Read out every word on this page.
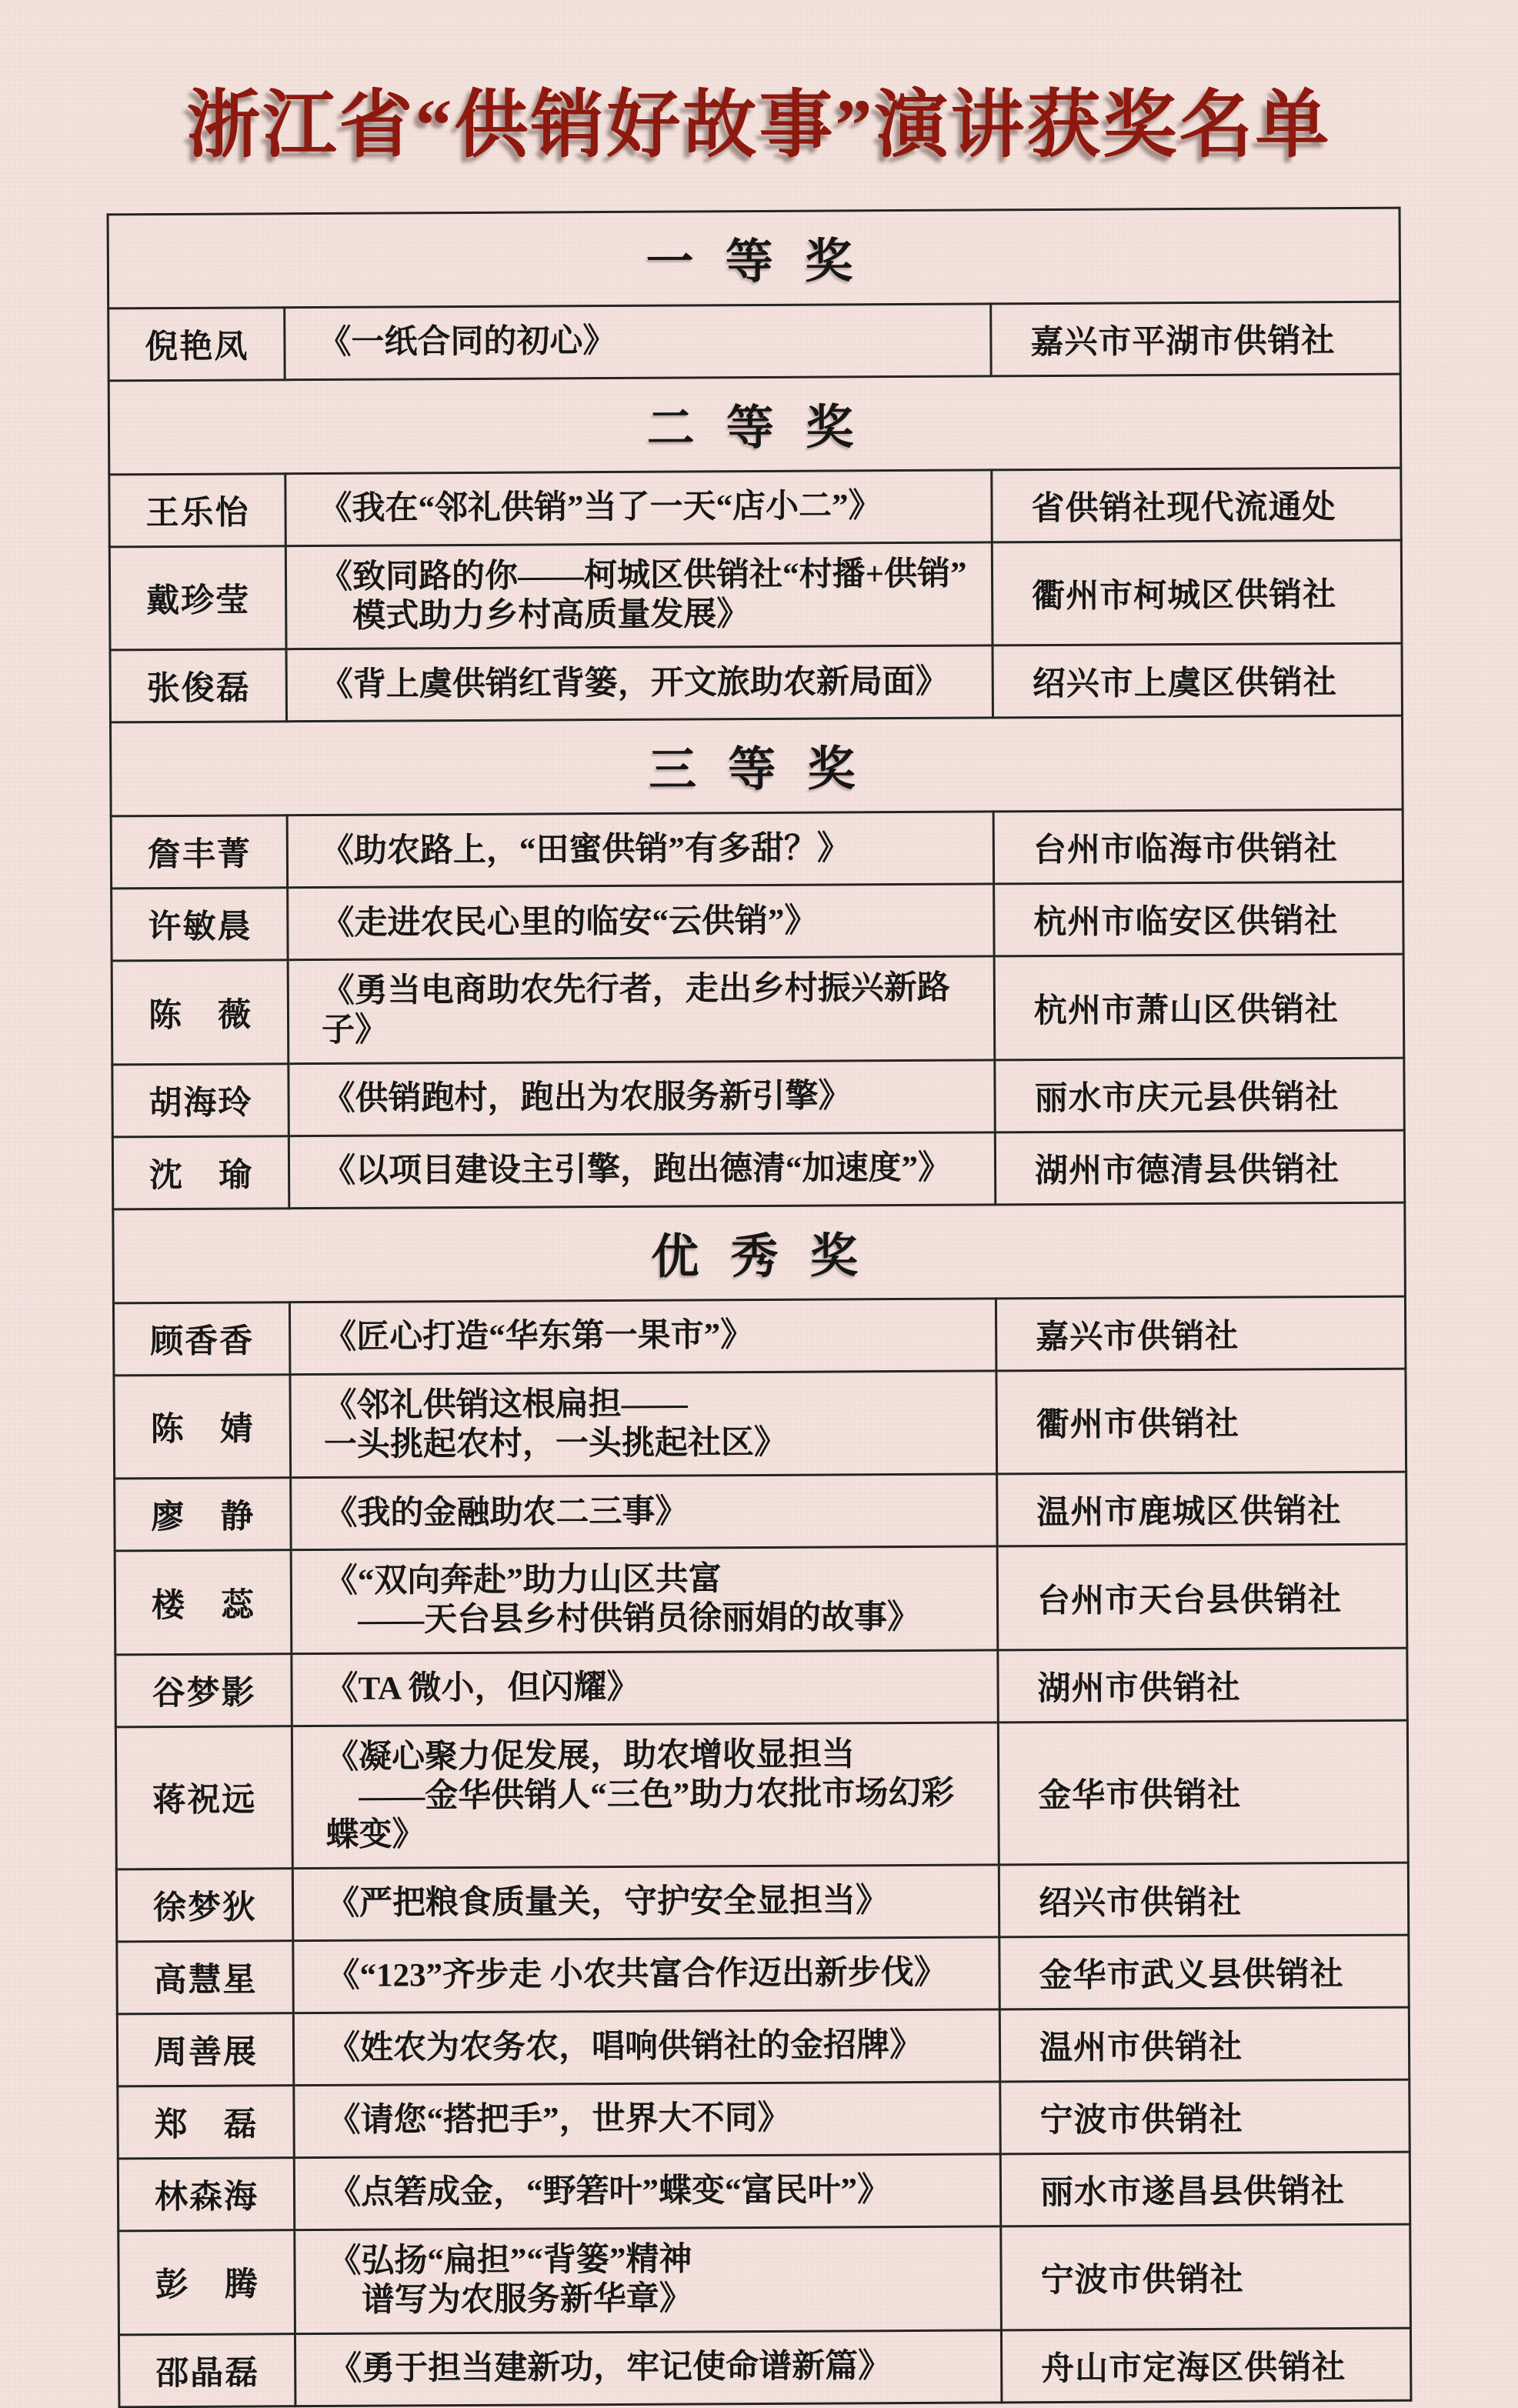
浙江省“供销好故事”演讲获奖名单
一 等 奖		
倪艳凤	《一纸合同的初心》	嘉兴市平湖市供销社
二 等 奖		
王乐怡	《我在“邻礼供销”当了一天“店小二”》	省供销社现代流通处
戴珍莹	《致同路的你——柯城区供销社“村播+供销”
　模式助力乡村高质量发展》	衢州市柯城区供销社
张俊磊	《背上虞供销红背篓，开文旅助农新局面》	绍兴市上虞区供销社
三 等 奖		
詹丰菁	《助农路上，“田蜜供销”有多甜？》	台州市临海市供销社
许敏晨	《走进农民心里的临安“云供销”》	杭州市临安区供销社
陈　薇	《勇当电商助农先行者，走出乡村振兴新路子》	杭州市萧山区供销社
胡海玲	《供销跑村，跑出为农服务新引擎》	丽水市庆元县供销社
沈　瑜	《以项目建设主引擎，跑出德清“加速度”》	湖州市德清县供销社
优 秀 奖		
顾香香	《匠心打造“华东第一果市”》	嘉兴市供销社
陈　婧	《邻礼供销这根扁担——
一头挑起农村，一头挑起社区》	衢州市供销社
廖　静	《我的金融助农二三事》	温州市鹿城区供销社
楼　蕊	《“双向奔赴”助力山区共富
　——天台县乡村供销员徐丽娟的故事》	台州市天台县供销社
谷梦影	《TA 微小，但闪耀》	湖州市供销社
蒋祝远	《凝心聚力促发展，助农增收显担当
　——金华供销人“三色”助力农批市场幻彩蝶变》	金华市供销社
徐梦狄	《严把粮食质量关，守护安全显担当》	绍兴市供销社
高慧星	《“123”齐步走 小农共富合作迈出新步伐》	金华市武义县供销社
周善展	《姓农为农务农，唱响供销社的金招牌》	温州市供销社
郑　磊	《请您“搭把手”，世界大不同》	宁波市供销社
林森海	《点箬成金，“野箬叶”蝶变“富民叶”》	丽水市遂昌县供销社
彭　腾	《弘扬“扁担”“背篓”精神
　谱写为农服务新华章》	宁波市供销社
邵晶磊	《勇于担当建新功，牢记使命谱新篇》	舟山市定海区供销社
